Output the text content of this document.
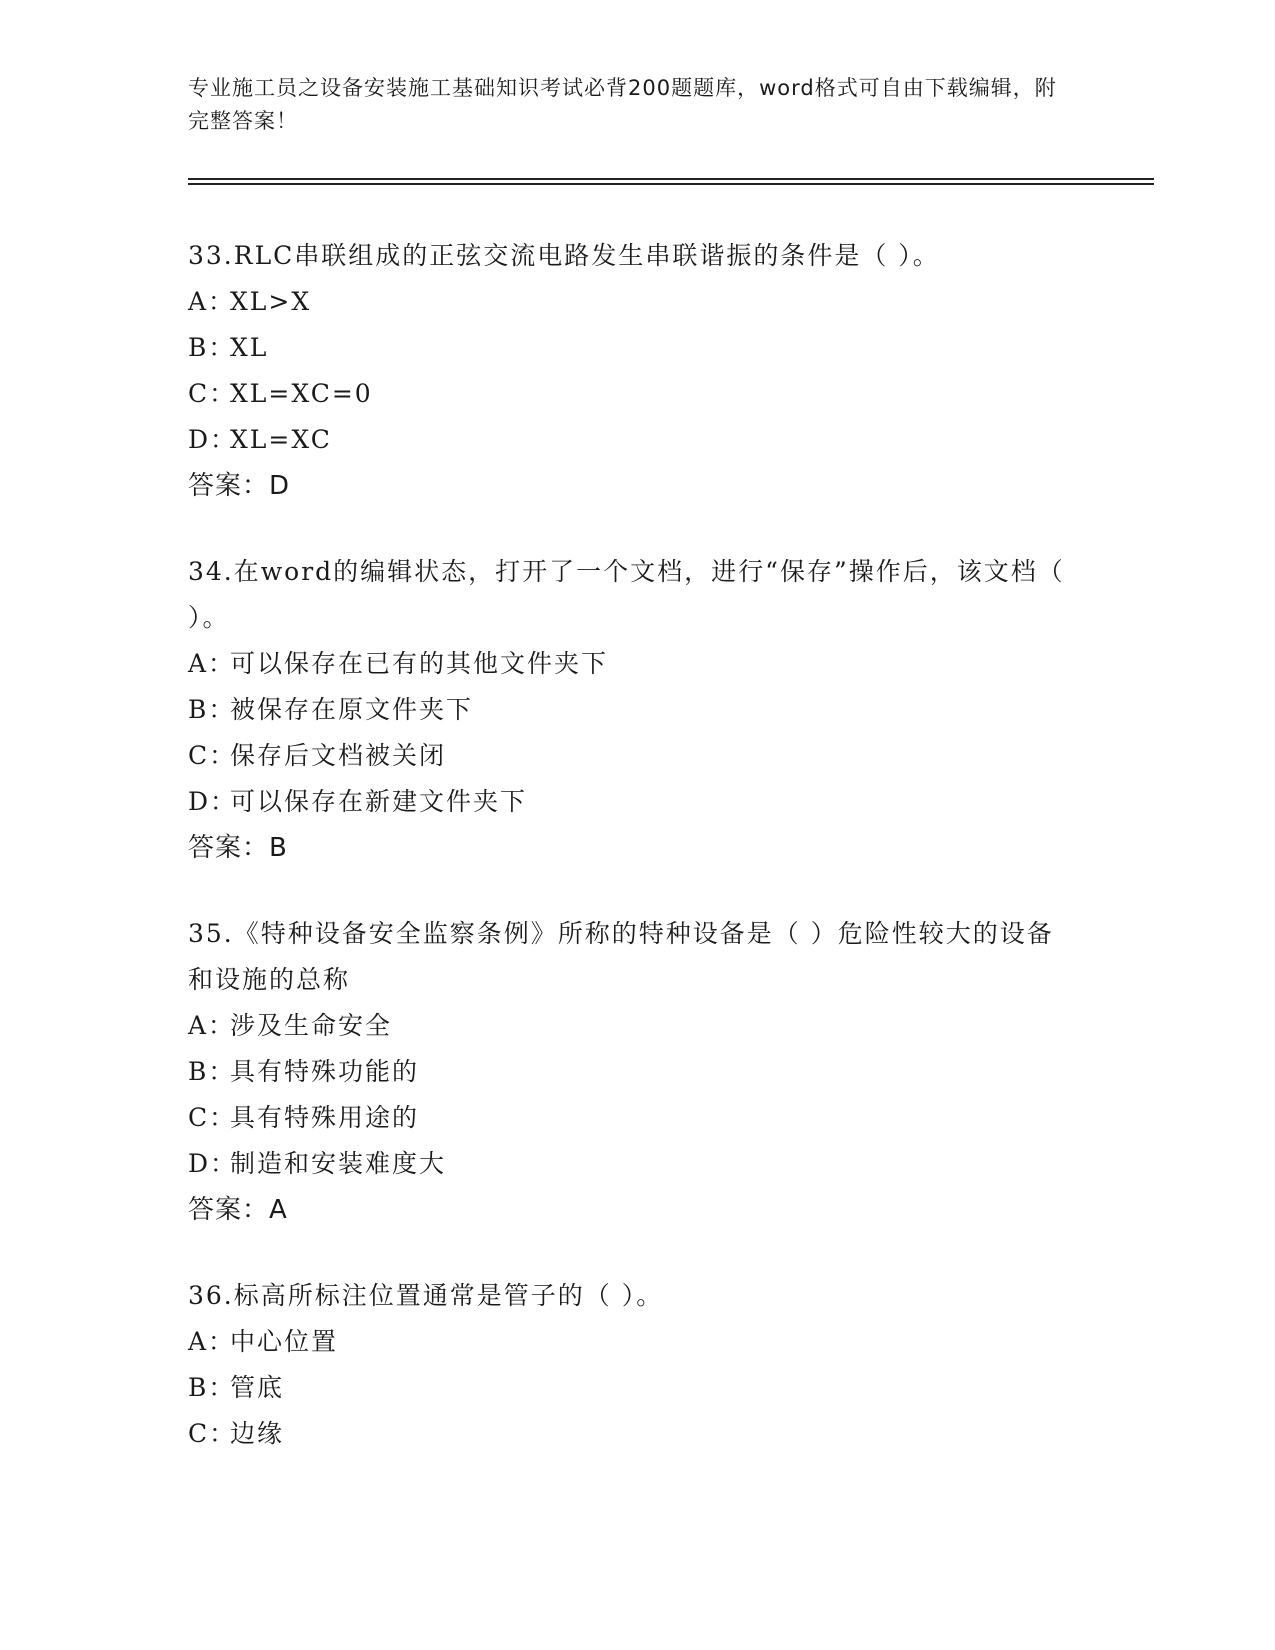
专业施工员之设备安装施工基础知识考试必背200题题库，word格式可自由下载编辑，附完整答案！
33.RLC串联组成的正弦交流电路发生串联谐振的条件是（ ）。
A：XL>X
B：XL
C：XL=XC=0
D：XL=XC
答案：D
34.在word的编辑状态，打开了一个文档，进行“保存”操作后，该文档（ ）。
A：可以保存在已有的其他文件夹下
B：被保存在原文件夹下
C：保存后文档被关闭
D：可以保存在新建文件夹下
答案：B
35.《特种设备安全监察条例》所称的特种设备是（ ）危险性较大的设备和设施的总称
A：涉及生命安全
B：具有特殊功能的
C：具有特殊用途的
D：制造和安装难度大
答案：A
36.标高所标注位置通常是管子的（ ）。
A：中心位置
B：管底
C：边缘
